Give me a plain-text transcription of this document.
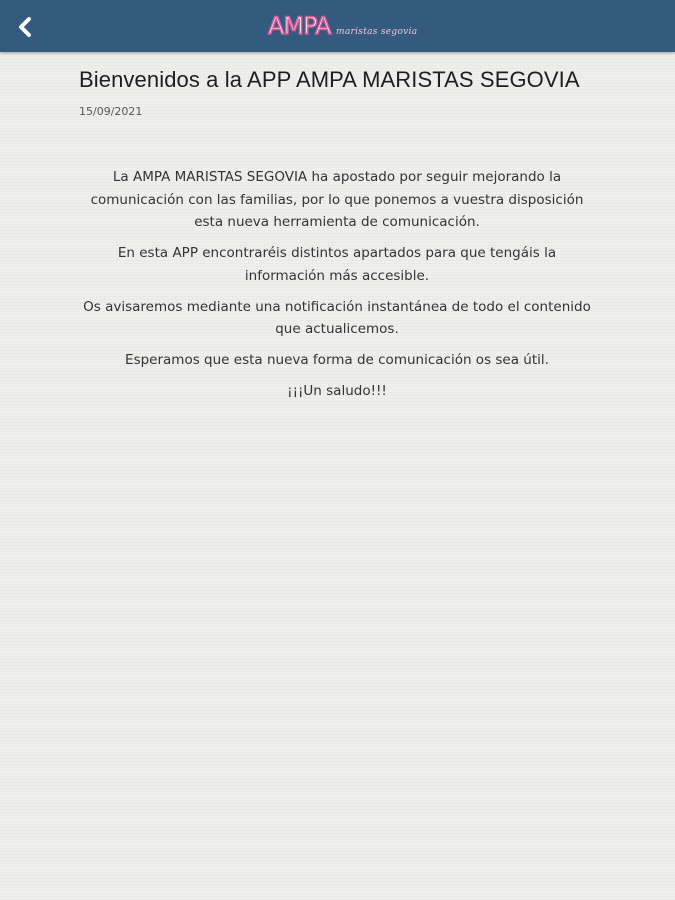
AMPA maristas segovia
Bienvenidos a la APP AMPA MARISTAS SEGOVIA
15/09/2021

La AMPA MARISTAS SEGOVIA ha apostado por seguir mejorando la comunicación con las familias, por lo que ponemos a vuestra disposición esta nueva herramienta de comunicación.

En esta APP encontraréis distintos apartados para que tengáis la información más accesible.

Os avisaremos mediante una notificación instantánea de todo el contenido que actualicemos.

Esperamos que esta nueva forma de comunicación os sea útil.

¡¡¡Un saludo!!!
